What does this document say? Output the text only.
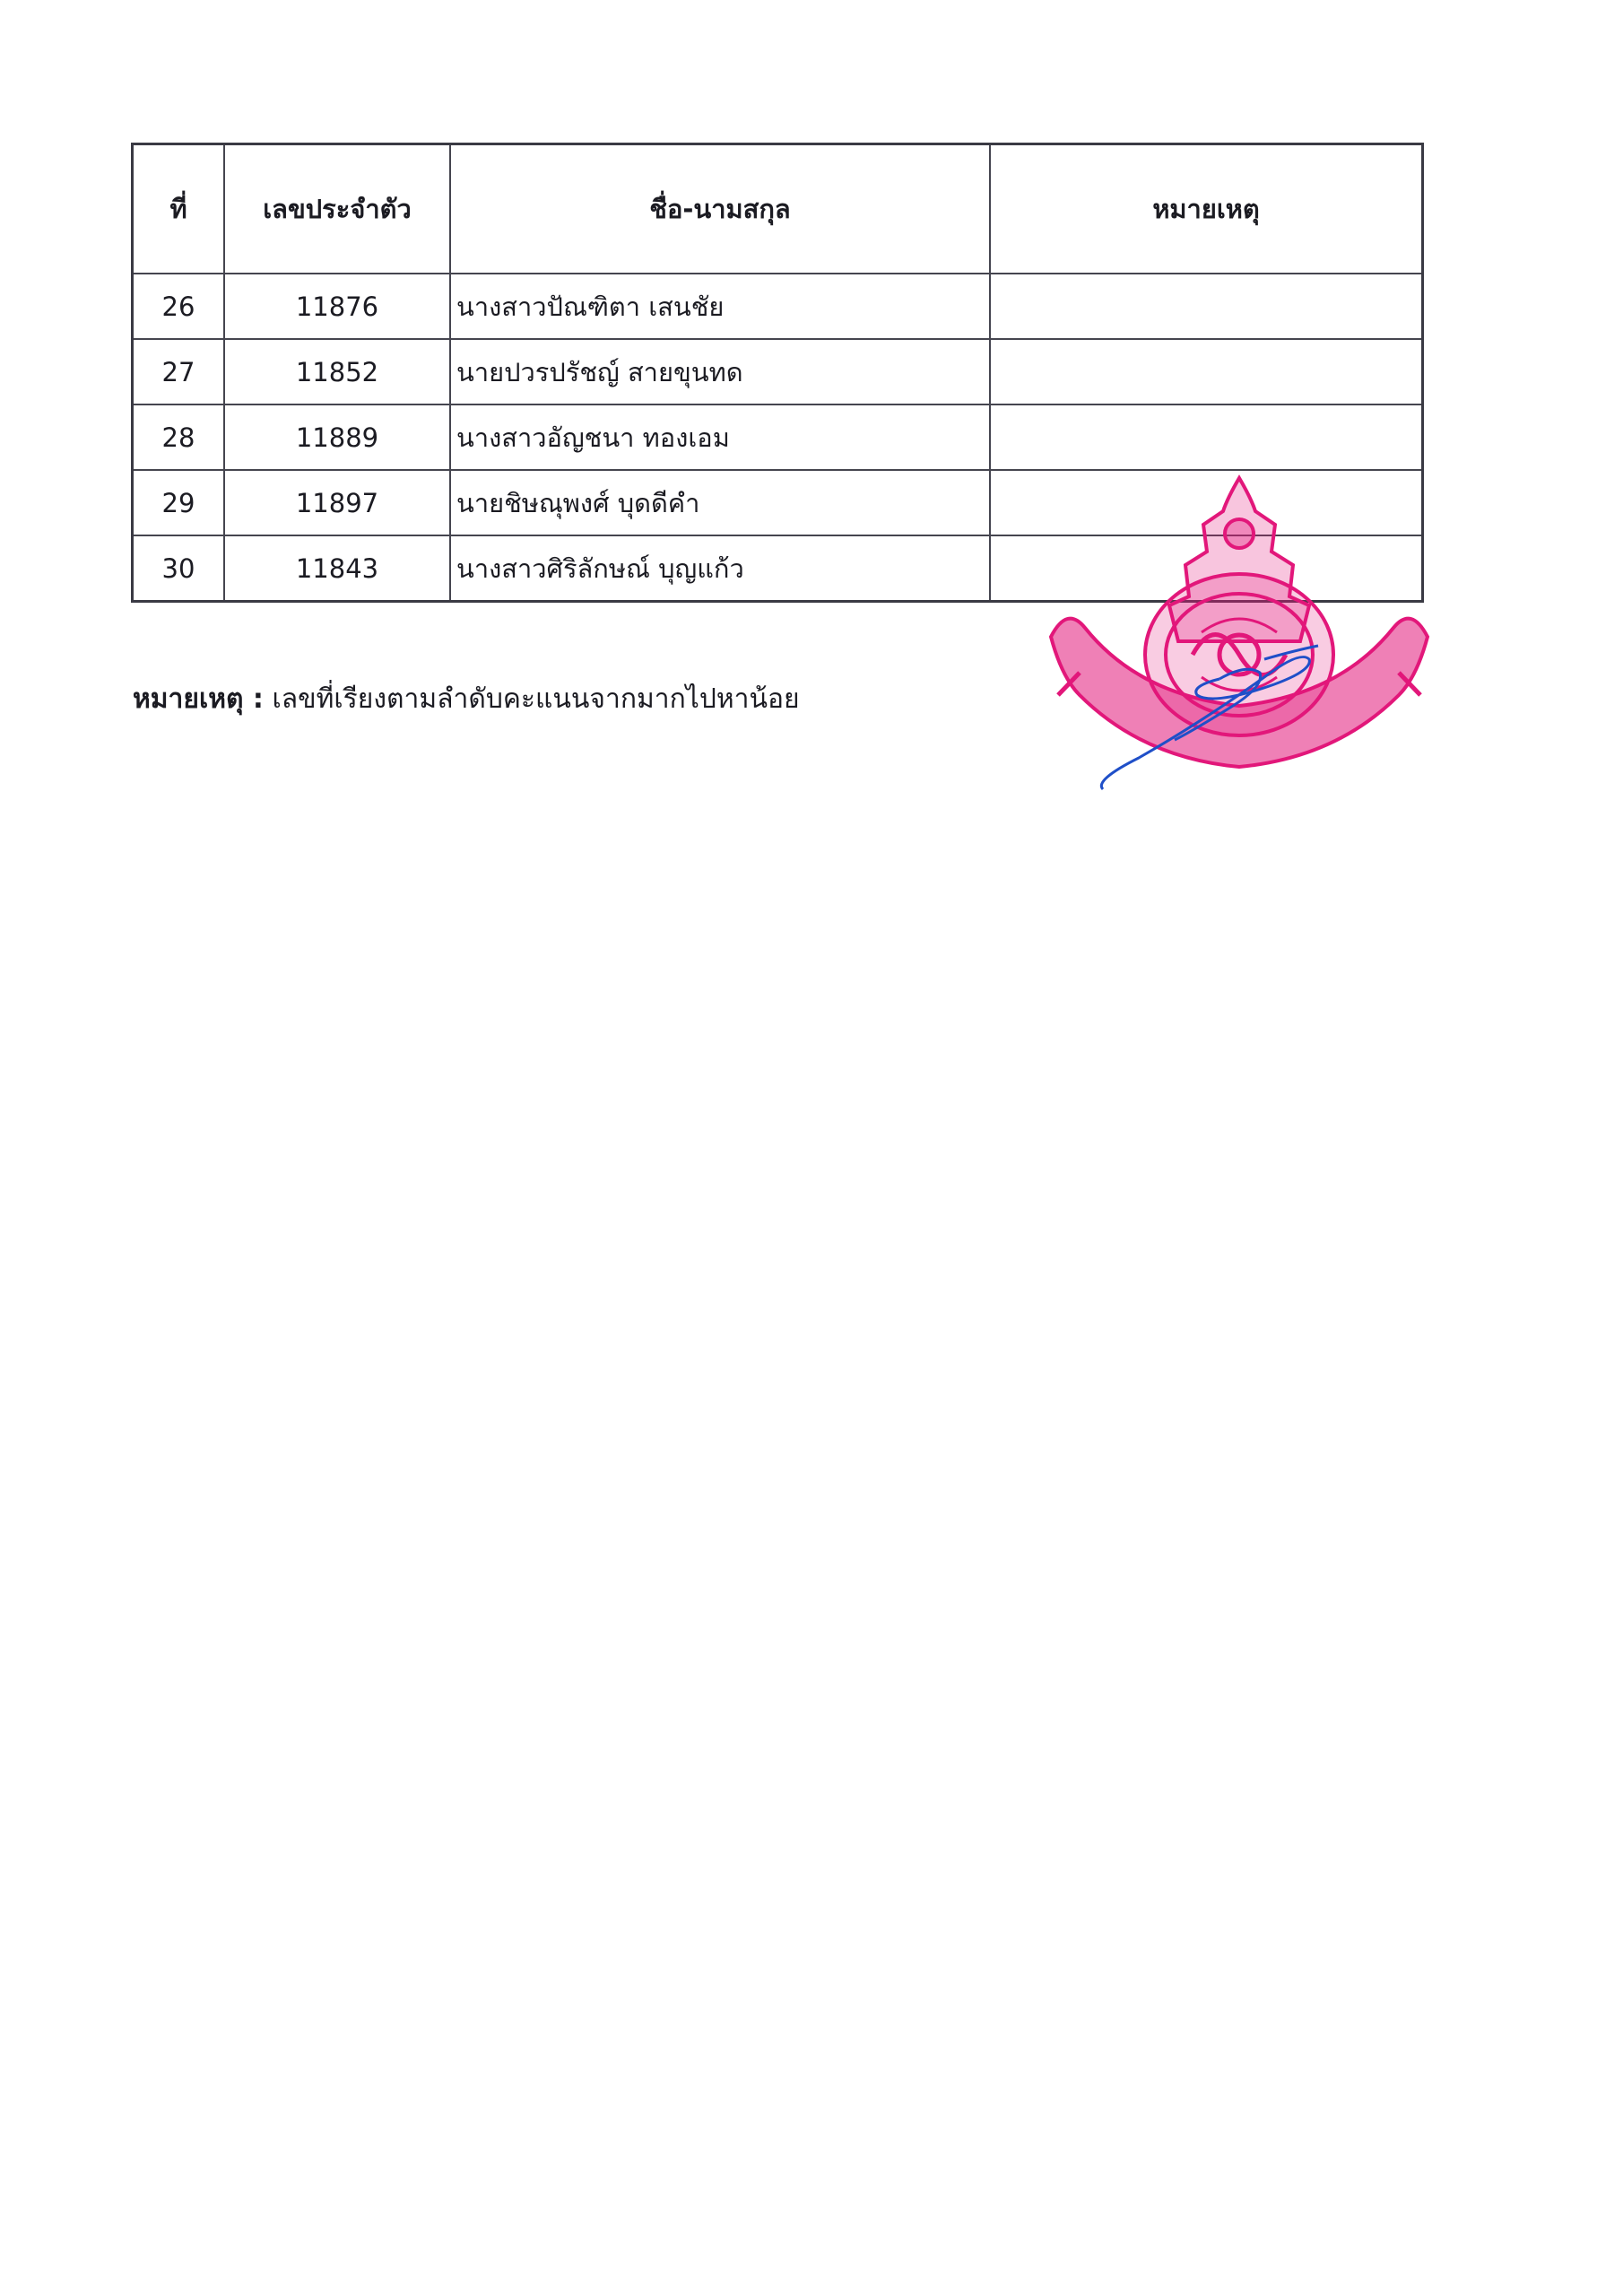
ที่	เลขประจำตัว	ชื่อ-นามสกุล	หมายเหตุ
26	11876	นางสาวปัณฑิตา เสนชัย	
27	11852	นายปวรปรัชญ์ สายขุนทด	
28	11889	นางสาวอัญชนา ทองเอม	
29	11897	นายชิษณุพงศ์ บุดดีคำ	
30	11843	นางสาวศิริลักษณ์ บุญแก้ว	
หมายเหตุ : เลขที่เรียงตามลำดับคะแนนจากมากไปหาน้อย
